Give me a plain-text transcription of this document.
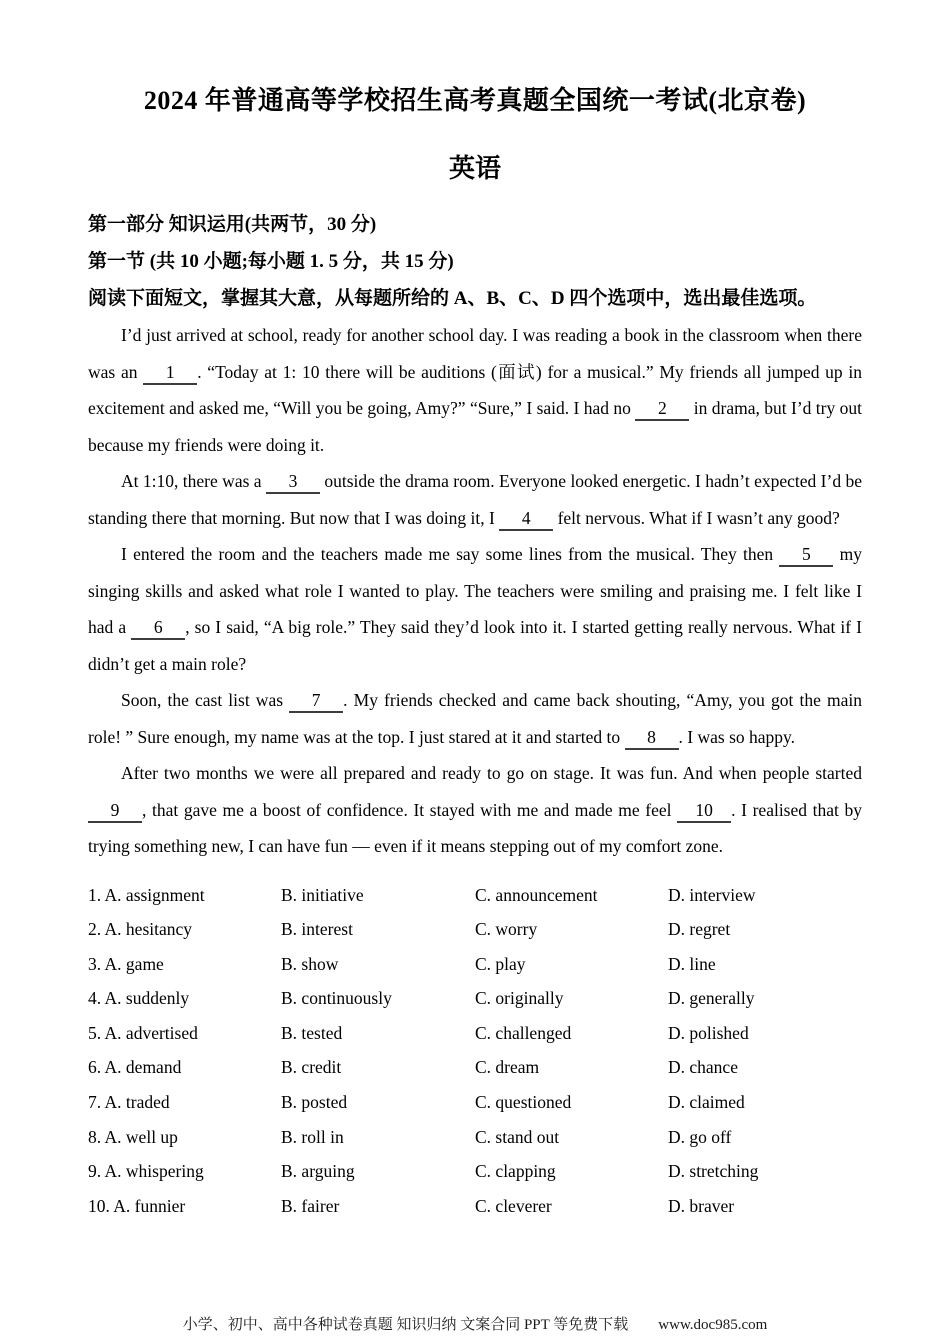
2024 年普通高等学校招生高考真题全国统一考试(北京卷)
英语
第一部分 知识运用(共两节，30 分)
第一节 (共 10 小题;每小题 1. 5 分，共 15 分)
阅读下面短文，掌握其大意，从每题所给的 A、B、C、D 四个选项中，选出最佳选项。

I’d just arrived at school, ready for another school day. I was reading a book in the classroom when there was an 1 . “Today at 1: 10 there will be auditions (面试) for a musical.” My friends all jumped up in excitement and asked me, “Will you be going, Amy?” “Sure,” I said. I had no 2 in drama, but I’d try out because my friends were doing it.

At 1:10, there was a 3 outside the drama room. Everyone looked energetic. I hadn’t expected I’d be standing there that morning. But now that I was doing it, I 4 felt nervous. What if I wasn’t any good?

I entered the room and the teachers made me say some lines from the musical. They then 5 my singing skills and asked what role I wanted to play. The teachers were smiling and praising me. I felt like I had a 6 , so I said, “A big role.” They said they’d look into it. I started getting really nervous. What if I didn’t get a main role?

Soon, the cast list was 7 . My friends checked and came back shouting, “Amy, you got the main role! ” Sure enough, my name was at the top. I just stared at it and started to 8 . I was so happy.

After two months we were all prepared and ready to go on stage. It was fun. And when people started 9 , that gave me a boost of confidence. It stayed with me and made me feel 10 . I realised that by trying something new, I can have fun — even if it means stepping out of my comfort zone.

1. A. assignment	B. initiative	C. announcement	D. interview
2. A. hesitancy	B. interest	C. worry	D. regret
3. A. game	B. show	C. play	D. line
4. A. suddenly	B. continuously	C. originally	D. generally
5. A. advertised	B. tested	C. challenged	D. polished
6. A. demand	B. credit	C. dream	D. chance
7. A. traded	B. posted	C. questioned	D. claimed
8. A. well up	B. roll in	C. stand out	D. go off
9. A. whispering	B. arguing	C. clapping	D. stretching
10. A. funnier	B. fairer	C. cleverer	D. braver
小学、初中、高中各种试卷真题 知识归纳 文案合同 PPT 等免费下载 www.doc985.com
